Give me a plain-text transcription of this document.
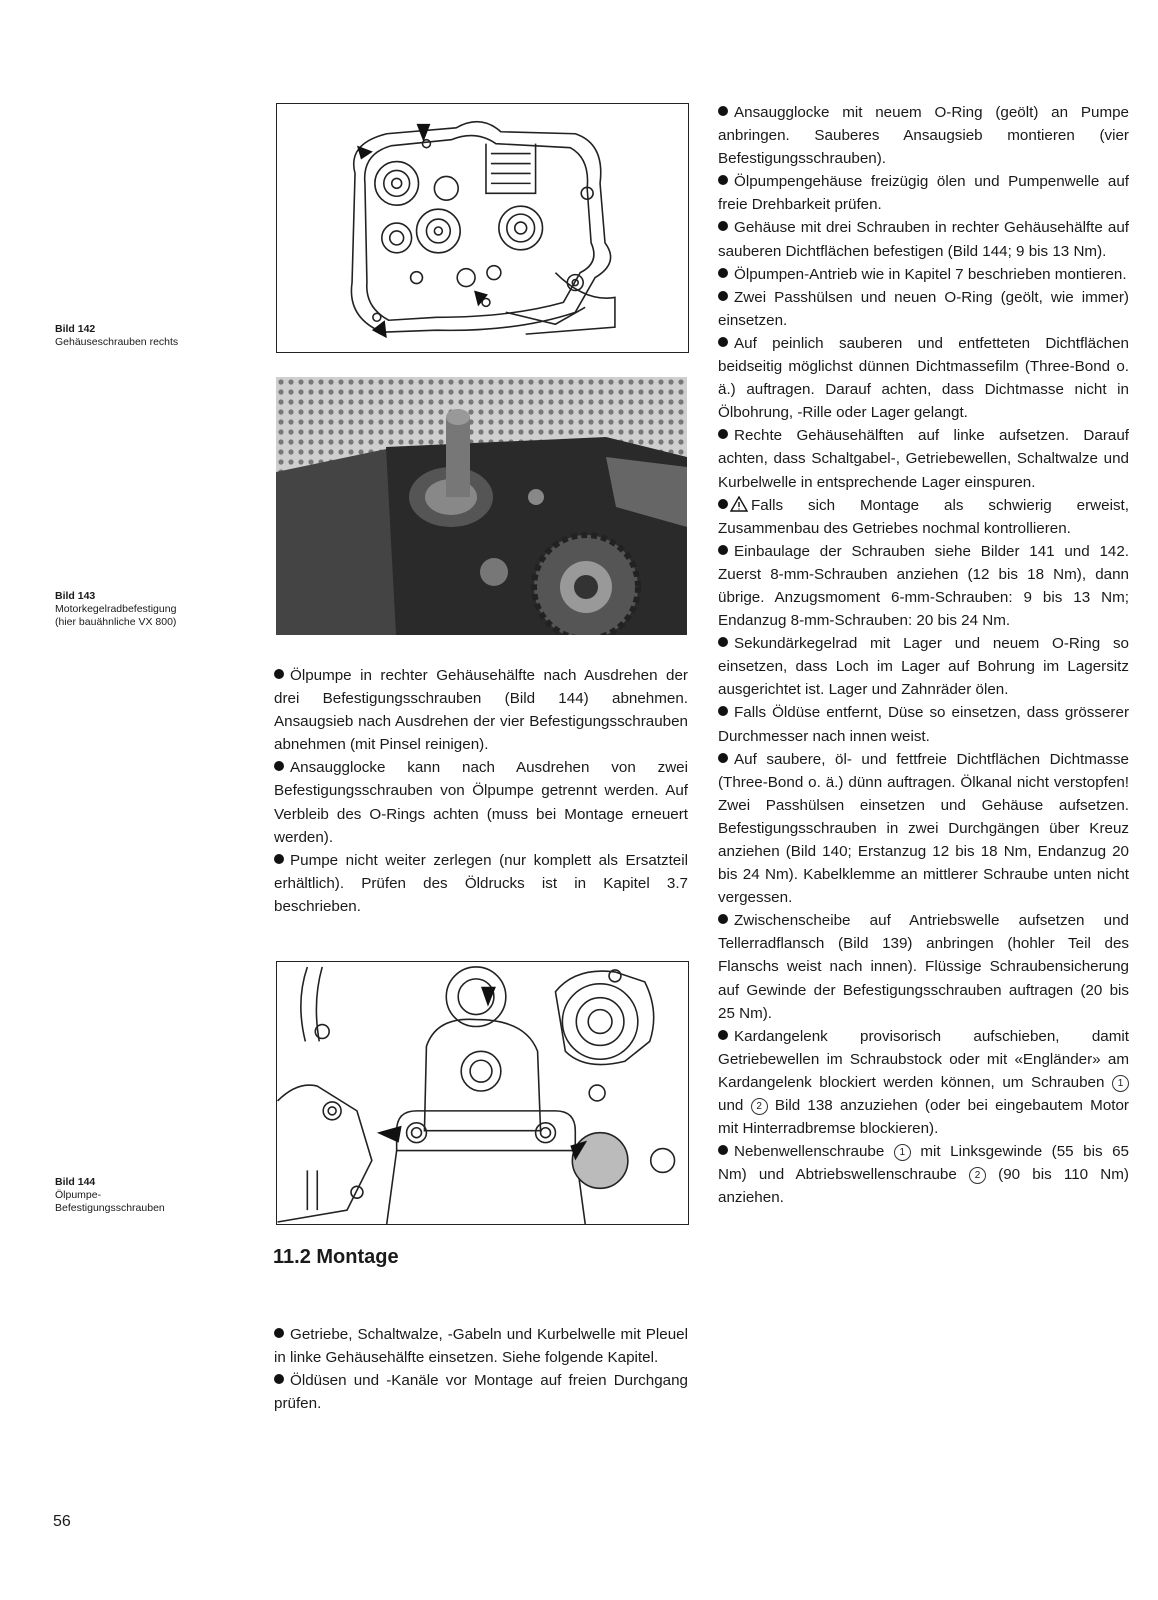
Bild 142
Gehäuseschrauben rechts
Bild 143
Motorkegelradbefestigung
(hier bauähnliche VX 800)
Bild 144
Ölpumpe-
Befestigungsschrauben

Ölpumpe in rechter Gehäusehälfte nach Ausdrehen der drei Befestigungsschrauben (Bild 144) abnehmen. Ansaugsieb nach Ausdrehen der vier Befestigungsschrauben abnehmen (mit Pinsel reinigen).

Ansaugglocke kann nach Ausdrehen von zwei Befestigungsschrauben von Ölpumpe getrennt werden. Auf Verbleib des O-Rings achten (muss bei Montage erneuert werden).

Pumpe nicht weiter zerlegen (nur komplett als Ersatzteil erhältlich). Prüfen des Öldrucks ist in Kapitel 3.7 beschrieben.

11.2 Montage

Getriebe, Schaltwalze, -Gabeln und Kurbelwelle mit Pleuel in linke Gehäusehälfte einsetzen. Siehe folgende Kapitel.

Öldüsen und -Kanäle vor Montage auf freien Durchgang prüfen.

Ansaugglocke mit neuem O-Ring (geölt) an Pumpe anbringen. Sauberes Ansaugsieb montieren (vier Befestigungsschrauben).

Ölpumpengehäuse freizügig ölen und Pumpenwelle auf freie Drehbarkeit prüfen.

Gehäuse mit drei Schrauben in rechter Gehäusehälfte auf sauberen Dichtflächen befestigen (Bild 144; 9 bis 13 Nm).

Ölpumpen-Antrieb wie in Kapitel 7 beschrieben montieren.

Zwei Passhülsen und neuen O-Ring (geölt, wie immer) einsetzen.

Auf peinlich sauberen und entfetteten Dichtflächen beidseitig möglichst dünnen Dichtmassefilm (Three-Bond o. ä.) auftragen. Darauf achten, dass Dichtmasse nicht in Ölbohrung, -Rille oder Lager gelangt.

Rechte Gehäusehälften auf linke aufsetzen. Darauf achten, dass Schaltgabel-, Getriebewellen, Schaltwalze und Kurbelwelle in entsprechende Lager einspuren.

Falls sich Montage als schwierig erweist, Zusammenbau des Getriebes nochmal kontrollieren.

Einbaulage der Schrauben siehe Bilder 141 und 142. Zuerst 8-mm-Schrauben anziehen (12 bis 18 Nm), dann übrige. Anzugsmoment 6-mm-Schrauben: 9 bis 13 Nm; Endanzug 8-mm-Schrauben: 20 bis 24 Nm.

Sekundärkegelrad mit Lager und neuem O-Ring so einsetzen, dass Loch im Lager auf Bohrung im Lagersitz ausgerichtet ist. Lager und Zahnräder ölen.

Falls Öldüse entfernt, Düse so einsetzen, dass grösserer Durchmesser nach innen weist.

Auf saubere, öl- und fettfreie Dichtflächen Dichtmasse (Three-Bond o. ä.) dünn auftragen. Ölkanal nicht verstopfen! Zwei Passhülsen einsetzen und Gehäuse aufsetzen. Befestigungsschrauben in zwei Durchgängen über Kreuz anziehen (Bild 140; Erstanzug 12 bis 18 Nm, Endanzug 20 bis 24 Nm). Kabelklemme an mittlerer Schraube unten nicht vergessen.

Zwischenscheibe auf Antriebswelle aufsetzen und Tellerradflansch (Bild 139) anbringen (hohler Teil des Flanschs weist nach innen). Flüssige Schraubensicherung auf Gewinde der Befestigungsschrauben auftragen (20 bis 25 Nm).

Kardangelenk provisorisch aufschieben, damit Getriebewellen im Schraubstock oder mit «Engländer» am Kardangelenk blockiert werden können, um Schrauben 1 und 2 Bild 138 anzuziehen (oder bei eingebautem Motor mit Hinterradbremse blockieren).

Nebenwellenschraube 1 mit Linksgewinde (55 bis 65 Nm) und Abtriebswellenschraube 2 (90 bis 110 Nm) anziehen.

56
